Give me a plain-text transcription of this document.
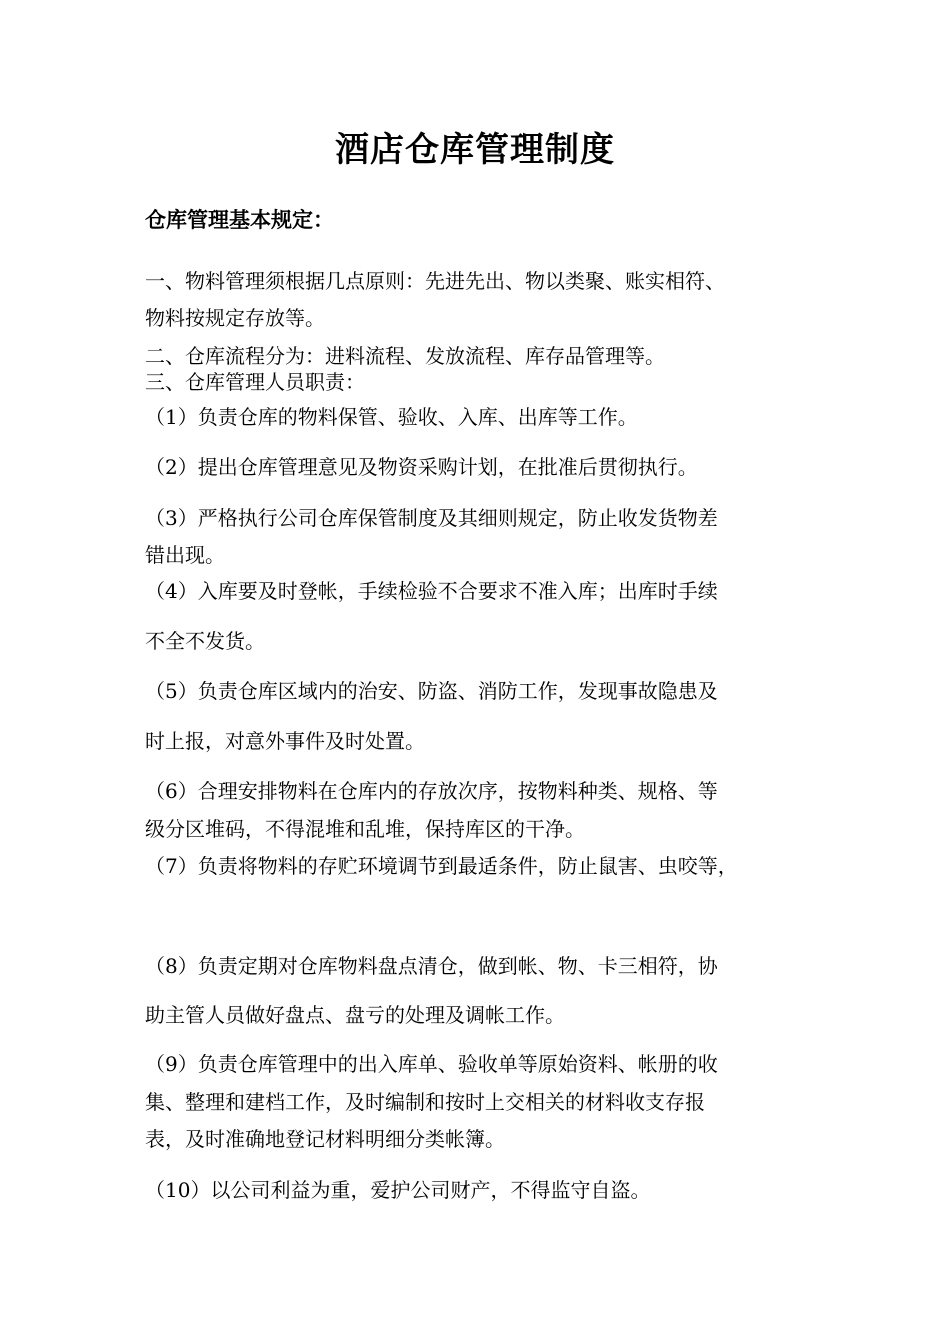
酒店仓库管理制度
仓库管理基本规定：

一、物料管理须根据几点原则：先进先出、物以类聚、账实相符、

物料按规定存放等。

二、仓库流程分为：进料流程、发放流程、库存品管理等。

三、仓库管理人员职责：

（1）负责仓库的物料保管、验收、入库、出库等工作。

（2）提出仓库管理意见及物资采购计划，在批准后贯彻执行。

（3）严格执行公司仓库保管制度及其细则规定，防止收发货物差

错出现。

（4）入库要及时登帐，手续检验不合要求不准入库；出库时手续

不全不发货。

（5）负责仓库区域内的治安、防盗、消防工作，发现事故隐患及

时上报，对意外事件及时处置。

（6）合理安排物料在仓库内的存放次序，按物料种类、规格、等

级分区堆码，不得混堆和乱堆，保持库区的干净。

（7）负责将物料的存贮环境调节到最适条件，防止鼠害、虫咬等，

（8）负责定期对仓库物料盘点清仓，做到帐、物、卡三相符，协

助主管人员做好盘点、盘亏的处理及调帐工作。

（9）负责仓库管理中的出入库单、验收单等原始资料、帐册的收

集、整理和建档工作，及时编制和按时上交相关的材料收支存报

表，及时准确地登记材料明细分类帐簿。

（10）以公司利益为重，爱护公司财产，不得监守自盗。
